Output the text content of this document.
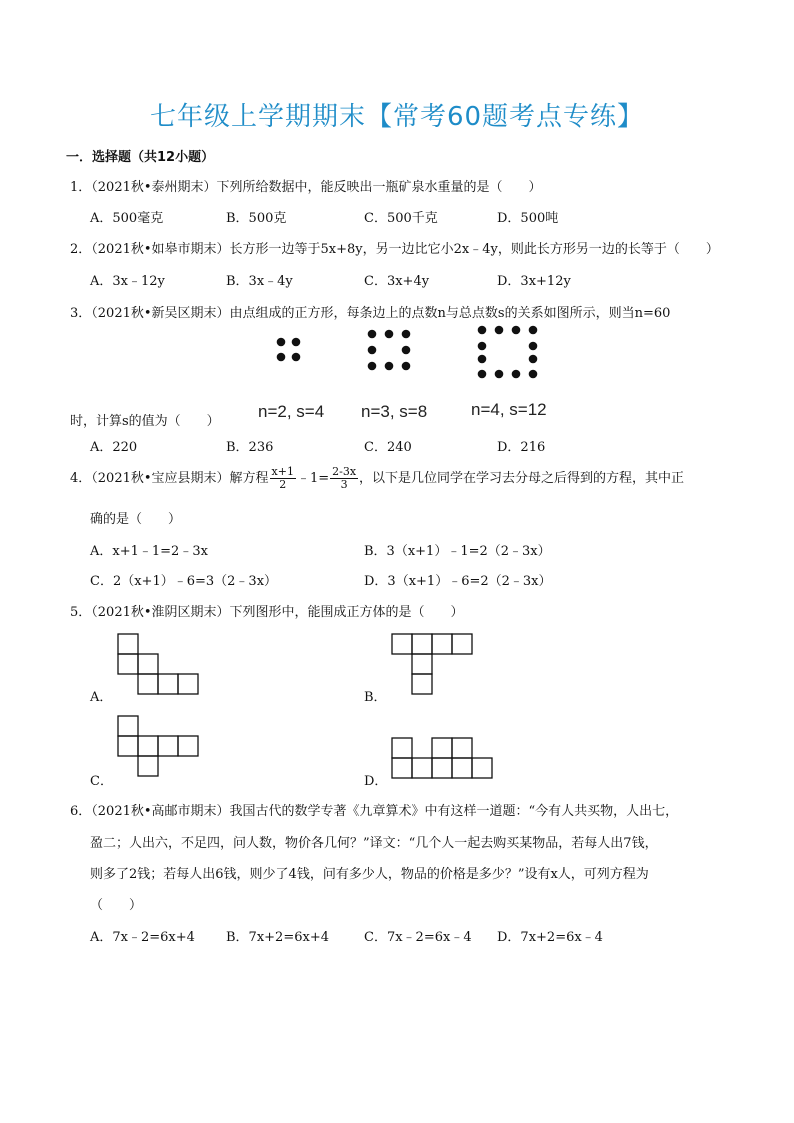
七年级上学期期末【常考60题考点专练】
一．选择题（共12小题）
1．（2021秋•泰州期末）下列所给数据中，能反映出一瓶矿泉水重量的是（　　）
A．500毫克	B．500克	C．500千克	D．500吨
2．（2021秋•如皋市期末）长方形一边等于5x+8y，另一边比它小2x﹣4y，则此长方形另一边的长等于（　　）
A．3x﹣12y	B．3x﹣4y	C．3x+4y	D．3x+12y
3．（2021秋•新吴区期末）由点组成的正方形，每条边上的点数n与总点数s的关系如图所示，则当n=60
时，计算s的值为（　　）
n=2, s=4 n=3, s=8	n=4, s=12
A．220	B．236	C．240	D．216
4．（2021秋•宝应县期末）解方程 $\frac{x+1}{2}$ ﹣1= $\frac{2-3x}{3}$ ，以下是几位同学在学习去分母之后得到的方程，其中正
确的是（　　）
A．x+1﹣1=2﹣3x	B．3（x+1）﹣1=2（2﹣3x）
C．2（x+1）﹣6=3（2﹣3x）	D．3（x+1）﹣6=2（2﹣3x）
5．（2021秋•淮阴区期末）下列图形中，能围成正方体的是（　　）
A．	B．
C．	D．
6．（2021秋•高邮市期末）我国古代的数学专著《九章算术》中有这样一道题：“今有人共买物，人出七，
盈二；人出六，不足四，问人数，物价各几何？”译文：“几个人一起去购买某物品，若每人出7钱，
则多了2钱；若每人出6钱，则少了4钱，问有多少人，物品的价格是多少？”设有x人，可列方程为
（　　）
A．7x﹣2=6x+4 B．7x+2=6x+4	C．7x﹣2=6x﹣4 D．7x+2=6x﹣4
